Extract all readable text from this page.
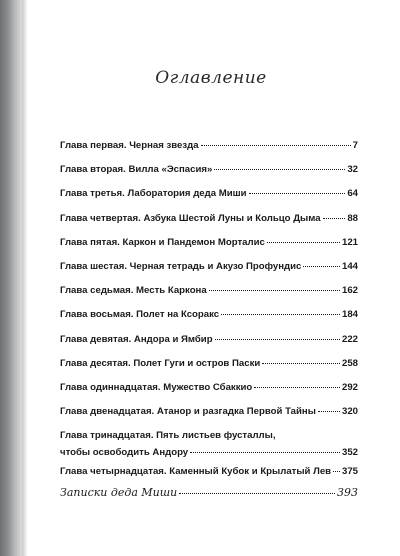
Оглавление
Глава первая. Черная звезда	7
Глава вторая. Вилла «Эспасия»	32
Глава третья. Лаборатория деда Миши	64
Глава четвертая. Азбука Шестой Луны и Кольцо Дыма	88
Глава пятая. Каркон и Пандемон Морталис	121
Глава шестая. Черная тетрадь и Акузо Профундис	144
Глава седьмая. Месть Каркона	162
Глава восьмая. Полет на Ксоракс	184
Глава девятая. Андора и Ямбир	222
Глава десятая. Полет Гуги и остров Паски	258
Глава одиннадцатая. Мужество Сбаккио	292
Глава двенадцатая. Атанор и разгадка Первой Тайны	320
Глава тринадцатая. Пять листьев фусталлы,
чтобы освободить Андору	352
Глава четырнадцатая. Каменный Кубок и Крылатый Лев 375
Записки деда Миши	393
